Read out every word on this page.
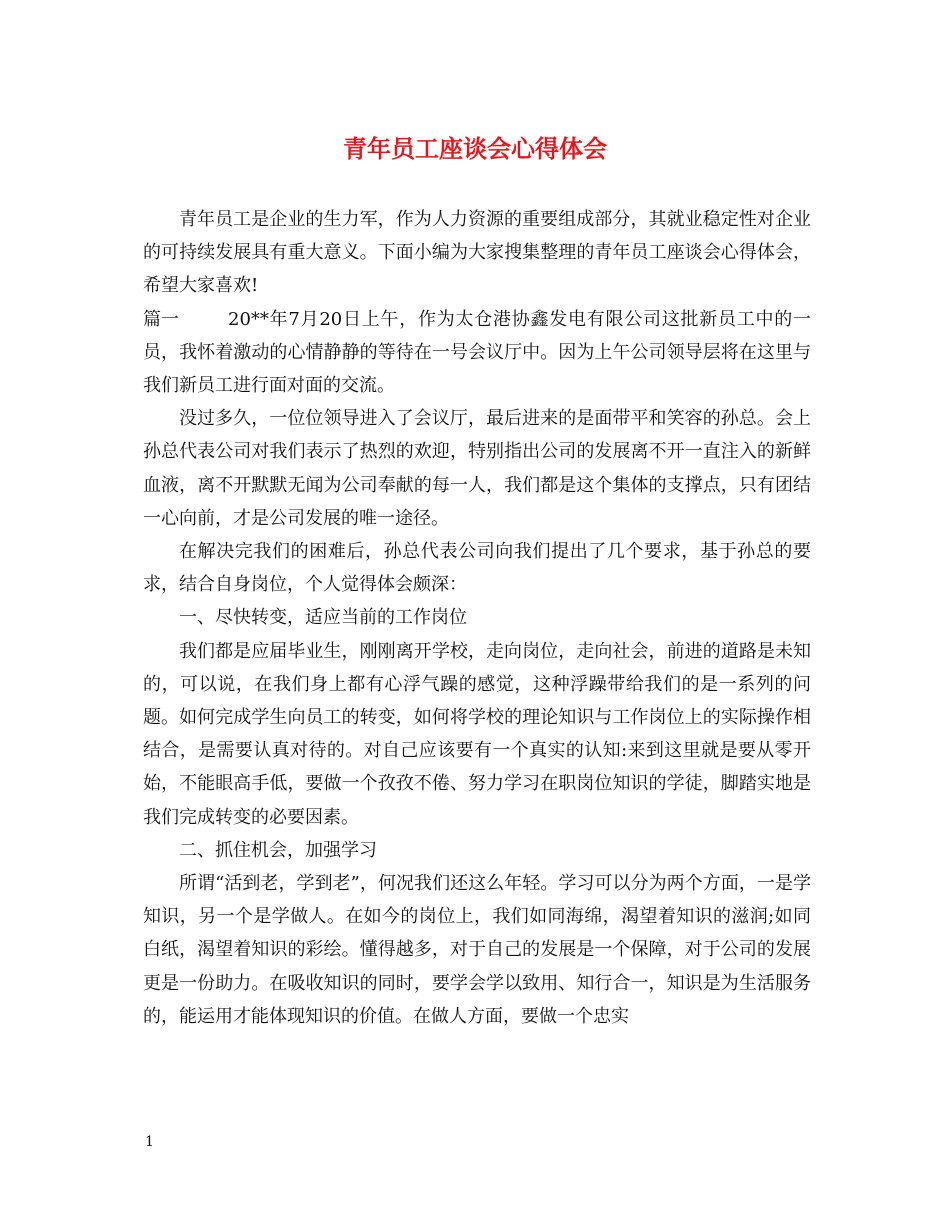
青年员工座谈会心得体会

青年员工是企业的生力军，作为人力资源的重要组成部分，其就业稳定性对企业的可持续发展具有重大意义。下面小编为大家搜集整理的青年员工座谈会心得体会，希望大家喜欢!

篇一	20**年7月20日上午，作为太仓港协鑫发电有限公司这批新员工中的一员，我怀着激动的心情静静的等待在一号会议厅中。因为上午公司领导层将在这里与我们新员工进行面对面的交流。

没过多久，一位位领导进入了会议厅，最后进来的是面带平和笑容的孙总。会上孙总代表公司对我们表示了热烈的欢迎，特别指出公司的发展离不开一直注入的新鲜血液，离不开默默无闻为公司奉献的每一人，我们都是这个集体的支撑点，只有团结一心向前，才是公司发展的唯一途径。

在解决完我们的困难后，孙总代表公司向我们提出了几个要求，基于孙总的要求，结合自身岗位，个人觉得体会颇深：

一、尽快转变，适应当前的工作岗位

我们都是应届毕业生，刚刚离开学校，走向岗位，走向社会，前进的道路是未知的，可以说，在我们身上都有心浮气躁的感觉，这种浮躁带给我们的是一系列的问题。如何完成学生向员工的转变，如何将学校的理论知识与工作岗位上的实际操作相结合，是需要认真对待的。对自己应该要有一个真实的认知:来到这里就是要从零开始，不能眼高手低，要做一个孜孜不倦、努力学习在职岗位知识的学徒，脚踏实地是我们完成转变的必要因素。

二、抓住机会，加强学习

所谓“活到老，学到老”，何况我们还这么年轻。学习可以分为两个方面，一是学知识，另一个是学做人。在如今的岗位上，我们如同海绵，渴望着知识的滋润;如同白纸，渴望着知识的彩绘。懂得越多，对于自己的发展是一个保障，对于公司的发展更是一份助力。在吸收知识的同时，要学会学以致用、知行合一，知识是为生活服务的，能运用才能体现知识的价值。在做人方面，要做一个忠实

1
